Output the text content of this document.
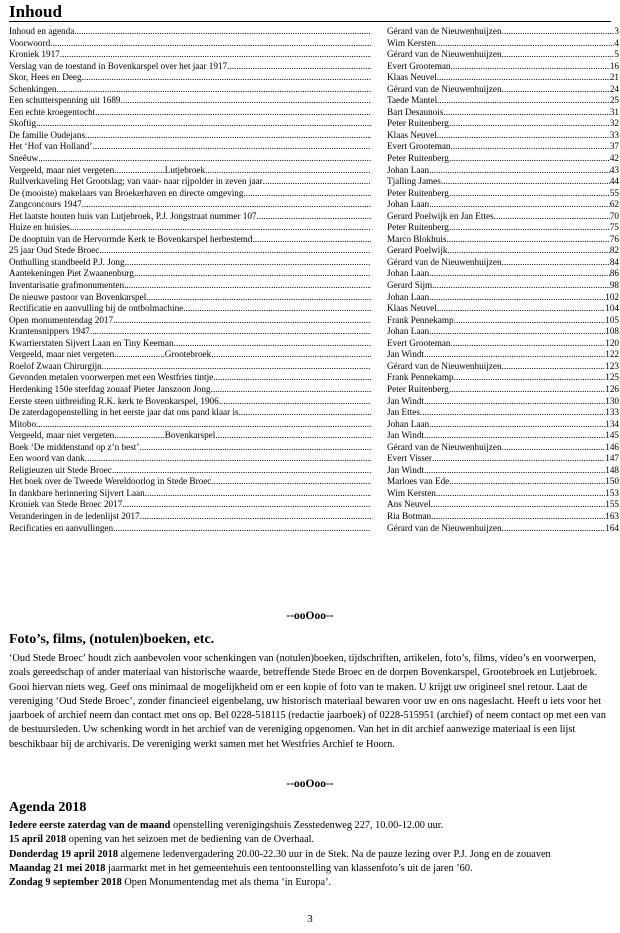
Inhoud
Inhoud en agenda .....	Gérard van de Nieuwenhuijzen .....	3
Voorwoord .....	Wim Kersten .....	4
Kroniek 1917 .....	Gérard van de Nieuwenhuijzen .....	5
Verslag van de toestand in Bovenkarspel over het jaar 1917 .....	Evert Grooteman .....	16
Skor, Hees en Deeg .....	Klaas Neuvel .....	21
Schenkingen .....	Gérard van de Nieuwenhuijzen .....	24
Een schutterspenning uit 1689 .....	Taede Mantel .....	25
Een echte kroegentocht .....	Bart Desaunois .....	31
Skoftig .....	Peter Ruitenberg .....	32
De familie Oudejans .....	Klaas Neuvel .....	33
Het ‘Hof van Holland’ .....	Evert Grooteman .....	37
Sneêuw .....	Peter Ruitenberg .....	42
Vergeeld, maar niet vergeten......................Lutjebroek .....	Johan Laan .....	43
Ruilverkaveling Het Grootslag; van vaar- naar rijpolder in zeven jaar .....	Tjalling James .....	44
De (mooiste) makelaars van Broekerhaven en directe omgeving .....	Peter Ruitenberg .....	55
Zangconcours 1947 .....	Johan Laan .....	62
Het laatste houten huis van Lutjebroek, P.J. Jongstraat nummer 107 .....	Gerard Poelwijk en Jan Ettes .....	70
Huize en huisies .....	Peter Ruitenberg .....	75
De dooptuin van de Hervormde Kerk te Bovenkarspel herbestemd .....	Marco Blokhuis .....	76
25 jaar Oud Stede Broec .....	Gerard Poelwijk .....	82
Onthulling standbeeld P.J. Jong .....	Gérard van de Nieuwenhuijzen .....	84
Aantekeningen Piet Zwaanenburg .....	Johan Laan .....	86
Inventarisatie grafmonumenten .....	Gerard Sijm .....	98
De nieuwe pastoor van Bovenkarspel .....	Johan Laan .....	102
Rectificatie en aanvulling bij de ontbolmachine .....	Klaas Neuvel .....	104
Open monumentendag 2017 .....	Frank Pennekamp .....	105
Krantensnippers 1947 .....	Johan Laan .....	108
Kwartierstaten Sijvert Laan en Tiny Keeman .....	Evert Grooteman .....	120
Vergeeld, maar niet vergeten......................Grootebroek .....	Jan Windt .....	122
Roelof Zwaan Chirurgijn .....	Gérard van de Nieuwenhuijzen .....	123
Gevonden metalen voorwerpen met een Westfries tintje .....	Frank Pennekamp .....	125
Herdenking 150e sterfdag zouaaf Pieter Janszoon Jong .....	Peter Ruitenberg .....	126
Eerste steen uitbreiding R.K. kerk te Bovenkarspel, 1906 .....	Jan Windt .....	130
De zaterdagopenstelling in het eerste jaar dat ons pand klaar is .....	Jan Ettes .....	133
Mitobo .....	Johan Laan .....	134
Vergeeld, maar niet vergeten......................Bovenkarspel .....	Jan Windt .....	145
Boek ‘De middenstand op z’n best’ .....	Gérard van de Nieuwenhuijzen .....	146
Een woord van dank .....	Evert Visser .....	147
Religieuzen uit Stede Broec .....	Jan Windt .....	148
Het boek over de Tweede Wereldoorlog in Stede Broec .....	Marloes van Ede .....	150
In dankbare herinnering Sijvert Laan .....	Wim Kersten .....	153
Kroniek van Stede Broec 2017 .....	Ans Neuvel .....	155
Veranderingen in de ledenlijst 2017 .....	Ria Botman .....	163
Recificaties en aanvullingen .....	Gérard van de Nieuwenhuijzen .....	164
--ooOoo--
Foto’s, films, (notulen)boeken, etc.
‘Oud Stede Broec’ houdt zich aanbevolen voor schenkingen van (notulen)boeken, tijdschriften, artikelen, foto’s, films, video’s en voorwerpen, zoals gereedschap of ander materiaal van historische waarde, betreffende Stede Broec en de dorpen Bovenkarspel, Grootebroek en Lutjebroek. Gooi hiervan niets weg. Geef ons minimaal de mogelijkheid om er een kopie of foto van te maken. U krijgt uw origineel snel retour. Laat de vereniging ‘Oud Stede Broec’, zonder financieel eigenbelang, uw historisch materiaal bewaren voor uw en ons nageslacht. Heeft u iets voor het jaarboek of archief neem dan contact met ons op. Bel 0228-518115 (redactie jaarboek) of 0228-515951 (archief) of neem contact op met een van de bestuursleden. Uw schenking wordt in het archief van de vereniging opgenomen. Van het in dit archief aanwezige materiaal is een lijst beschikbaar bij de archivaris. De vereniging werkt samen met het Westfries Archief te Hoorn.
--ooOoo--
Agenda 2018
Iedere eerste zaterdag van de maand openstelling verenigingshuis Zesstedenweg 227, 10.00-12.00 uur.
15 april 2018 opening van het seizoen met de bediening van de Overhaal.
Donderdag 19 april 2018 algemene ledenvergadering 20.00-22.30 uur in de Stek. Na de pauze lezing over P.J. Jong en de zouaven
Maandag 21 mei 2018 jaarmarkt met in het gemeentehuis een tentoonstelling van klassenfoto’s uit de jaren ’60.
Zondag 9 september 2018 Open Monumentendag met als thema ‘in Europa’.
3
